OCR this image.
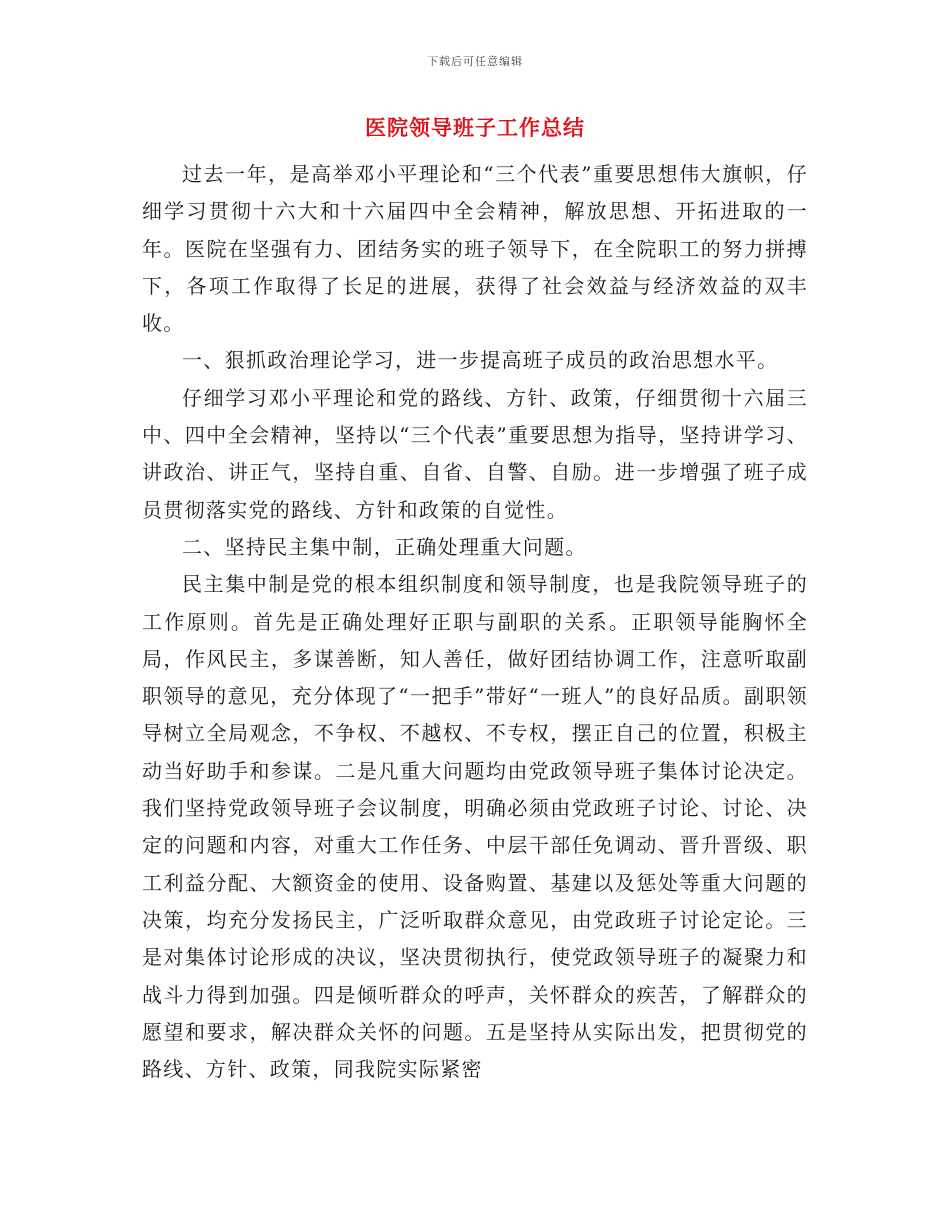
下载后可任意编辑
医院领导班子工作总结

过去一年，是高举邓小平理论和“三个代表”重要思想伟大旗帜，仔细学习贯彻十六大和十六届四中全会精神，解放思想、开拓进取的一年。医院在坚强有力、团结务实的班子领导下，在全院职工的努力拼搏下，各项工作取得了长足的进展，获得了社会效益与经济效益的双丰收。

一、狠抓政治理论学习，进一步提高班子成员的政治思想水平。

仔细学习邓小平理论和党的路线、方针、政策，仔细贯彻十六届三中、四中全会精神，坚持以“三个代表”重要思想为指导，坚持讲学习、讲政治、讲正气，坚持自重、自省、自警、自励。进一步增强了班子成员贯彻落实党的路线、方针和政策的自觉性。

二、坚持民主集中制，正确处理重大问题。

民主集中制是党的根本组织制度和领导制度，也是我院领导班子的工作原则。首先是正确处理好正职与副职的关系。正职领导能胸怀全局，作风民主，多谋善断，知人善任，做好团结协调工作，注意听取副职领导的意见，充分体现了“一把手”带好“一班人”的良好品质。副职领导树立全局观念，不争权、不越权、不专权，摆正自己的位置，积极主动当好助手和参谋。二是凡重大问题均由党政领导班子集体讨论决定。我们坚持党政领导班子会议制度，明确必须由党政班子讨论、讨论、决定的问题和内容，对重大工作任务、中层干部任免调动、晋升晋级、职工利益分配、大额资金的使用、设备购置、基建以及惩处等重大问题的决策，均充分发扬民主，广泛听取群众意见，由党政班子讨论定论。三是对集体讨论形成的决议，坚决贯彻执行，使党政领导班子的凝聚力和战斗力得到加强。四是倾听群众的呼声，关怀群众的疾苦，了解群众的愿望和要求，解决群众关怀的问题。五是坚持从实际出发，把贯彻党的路线、方针、政策，同我院实际紧密
